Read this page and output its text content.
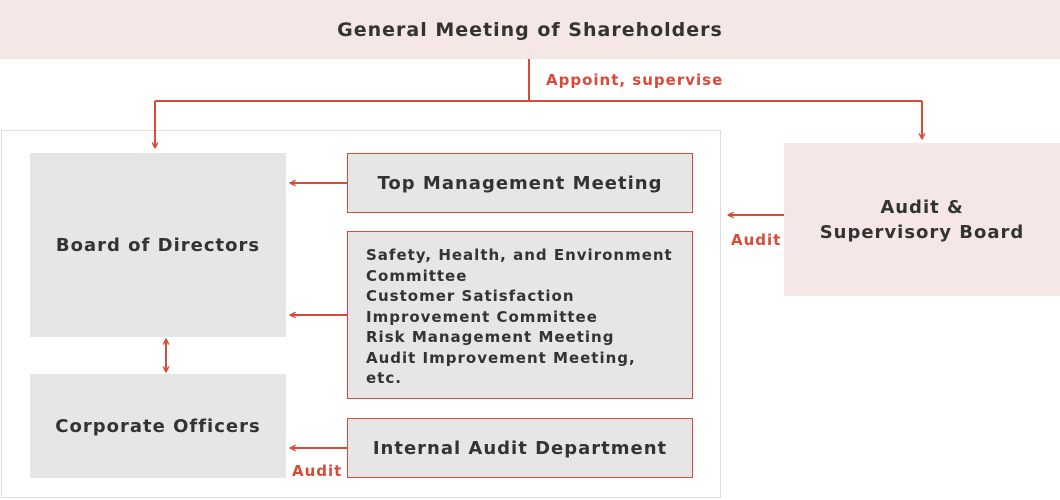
General Meeting of Shareholders
Board of Directors
Corporate Officers
Top Management Meeting
Safety, Health, and Environment
Committee
Customer Satisfaction
Improvement Committee
Risk Management Meeting
Audit Improvement Meeting,
etc.
Internal Audit Department
Audit &
Supervisory Board
Appoint, supervise
Audit
Audit
